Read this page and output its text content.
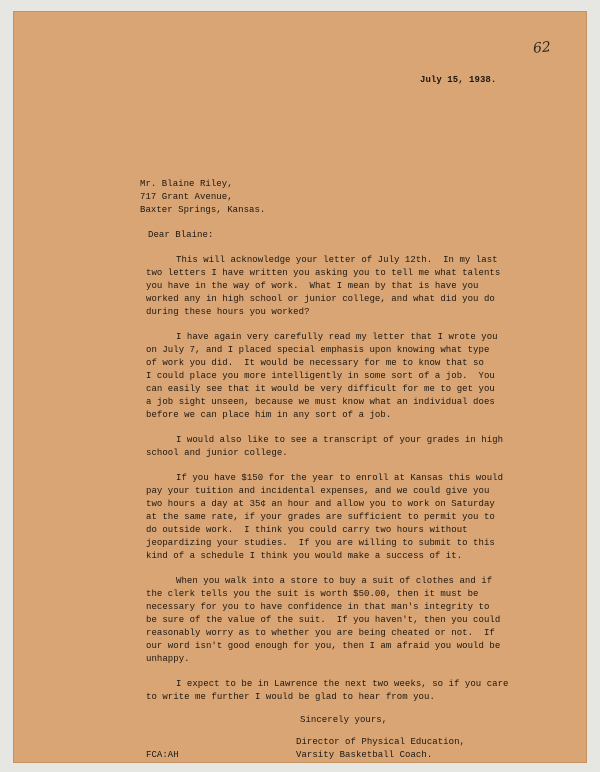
62
July 15, 1938.
Mr. Blaine Riley,
717 Grant Avenue,
Baxter Springs, Kansas.
Dear Blaine:
This will acknowledge your letter of July 12th.  In my last
two letters I have written you asking you to tell me what talents
you have in the way of work.  What I mean by that is have you
worked any in high school or junior college, and what did you do
during these hours you worked?
I have again very carefully read my letter that I wrote you
on July 7, and I placed special emphasis upon knowing what type
of work you did.  It would be necessary for me to know that so
I could place you more intelligently in some sort of a job.  You
can easily see that it would be very difficult for me to get you
a job sight unseen, because we must know what an individual does
before we can place him in any sort of a job.
I would also like to see a transcript of your grades in high
school and junior college.
If you have $150 for the year to enroll at Kansas this would
pay your tuition and incidental expenses, and we could give you
two hours a day at 35¢ an hour and allow you to work on Saturday
at the same rate, if your grades are sufficient to permit you to
do outside work.  I think you could carry two hours without
jeopardizing your studies.  If you are willing to submit to this
kind of a schedule I think you would make a success of it.
When you walk into a store to buy a suit of clothes and if
the clerk tells you the suit is worth $50.00, then it must be
necessary for you to have confidence in that man's integrity to
be sure of the value of the suit.  If you haven't, then you could
reasonably worry as to whether you are being cheated or not.  If
our word isn't good enough for you, then I am afraid you would be
unhappy.
I expect to be in Lawrence the next two weeks, so if you care
to write me further I would be glad to hear from you.
Sincerely yours,
Director of Physical Education,
Varsity Basketball Coach.
FCA:AH
